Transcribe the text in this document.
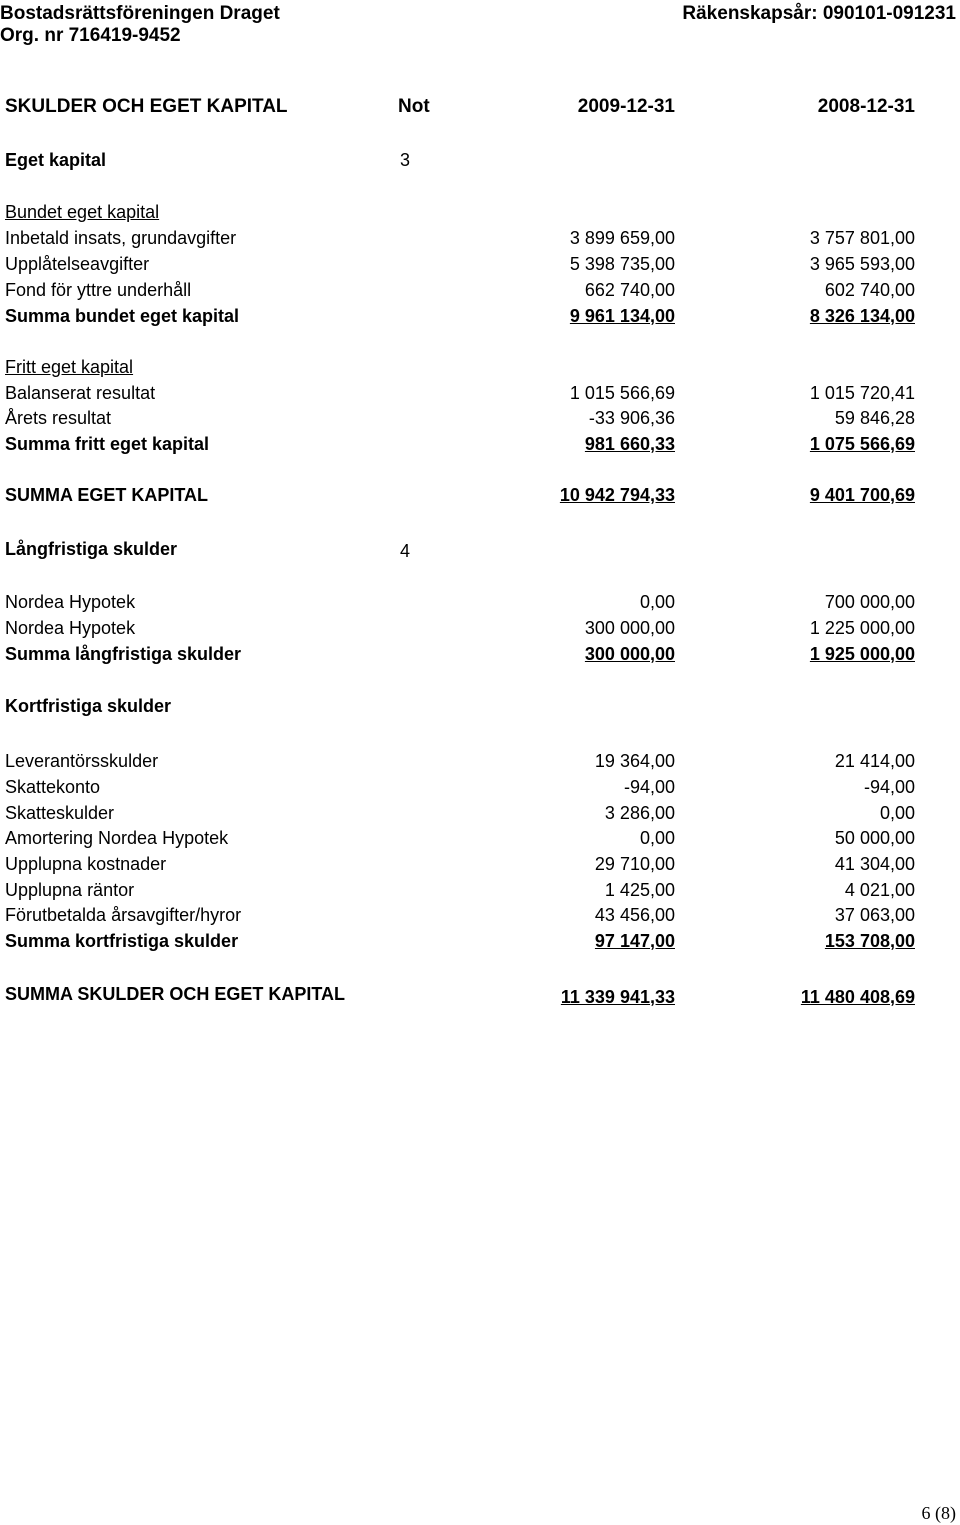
Bostadsrättsföreningen Draget
Org. nr 716419-9452
Räkenskapsår: 090101-091231
SKULDER OCH EGET KAPITAL	Not	2009-12-31	2008-12-31
Eget kapital	3
Bundet eget kapital
Inbetald insats, grundavgifter	3 899 659,00	3 757 801,00
Upplåtelseavgifter	5 398 735,00	3 965 593,00
Fond för yttre underhåll	662 740,00	602 740,00
Summa bundet eget kapital	9 961 134,00	8 326 134,00
Fritt eget kapital
Balanserat resultat	1 015 566,69	1 015 720,41
Årets resultat	-33 906,36	59 846,28
Summa fritt eget kapital	981 660,33	1 075 566,69
SUMMA EGET KAPITAL	10 942 794,33	9 401 700,69
Långfristiga skulder	4
Nordea Hypotek	0,00	700 000,00
Nordea Hypotek	300 000,00	1 225 000,00
Summa långfristiga skulder	300 000,00	1 925 000,00
Kortfristiga skulder
Leverantörsskulder	19 364,00	21 414,00
Skattekonto	-94,00	-94,00
Skatteskulder	3 286,00	0,00
Amortering Nordea Hypotek	0,00	50 000,00
Upplupna kostnader	29 710,00	41 304,00
Upplupna räntor	1 425,00	4 021,00
Förutbetalda årsavgifter/hyror	43 456,00	37 063,00
Summa kortfristiga skulder	97 147,00	153 708,00
SUMMA SKULDER OCH EGET KAPITAL	11 339 941,33	11 480 408,69
6 (8)
